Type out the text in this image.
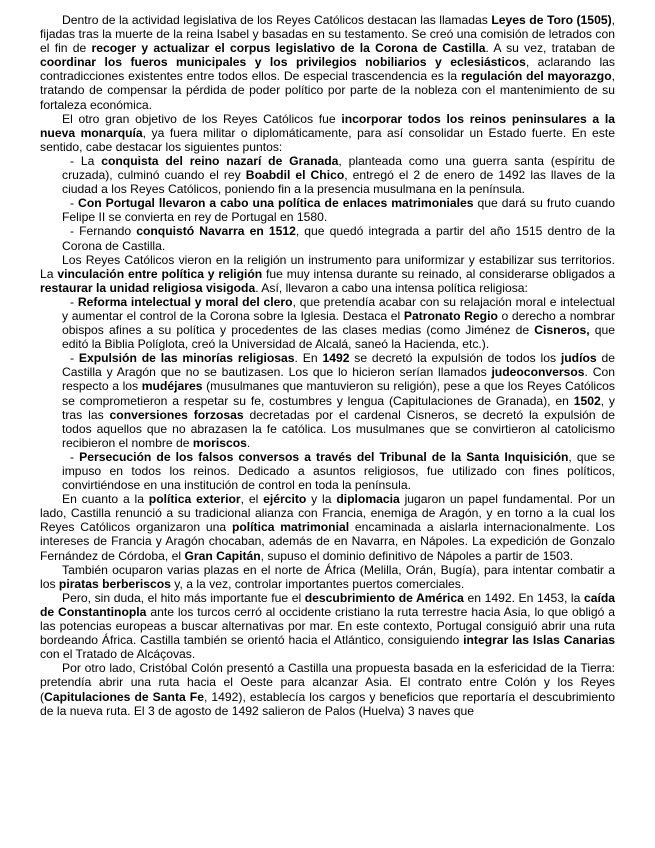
Dentro de la actividad legislativa de los Reyes Católicos destacan las llamadas Leyes de Toro (1505), fijadas tras la muerte de la reina Isabel y basadas en su testamento. Se creó una comisión de letrados con el fin de recoger y actualizar el corpus legislativo de la Corona de Castilla. A su vez, trataban de coordinar los fueros municipales y los privilegios nobiliarios y eclesiásticos, aclarando las contradicciones existentes entre todos ellos. De especial trascendencia es la regulación del mayorazgo, tratando de compensar la pérdida de poder político por parte de la nobleza con el mantenimiento de su fortaleza económica.

El otro gran objetivo de los Reyes Católicos fue incorporar todos los reinos peninsulares a la nueva monarquía, ya fuera militar o diplomáticamente, para así consolidar un Estado fuerte. En este sentido, cabe destacar los siguientes puntos:

- La conquista del reino nazarí de Granada, planteada como una guerra santa (espíritu de cruzada), culminó cuando el rey Boabdil el Chico, entregó el 2 de enero de 1492 las llaves de la ciudad a los Reyes Católicos, poniendo fin a la presencia musulmana en la península.

- Con Portugal llevaron a cabo una política de enlaces matrimoniales que dará su fruto cuando Felipe II se convierta en rey de Portugal en 1580.

- Fernando conquistó Navarra en 1512, que quedó integrada a partir del año 1515 dentro de la Corona de Castilla.

Los Reyes Católicos vieron en la religión un instrumento para uniformizar y estabilizar sus territorios. La vinculación entre política y religión fue muy intensa durante su reinado, al considerarse obligados a restaurar la unidad religiosa visigoda. Así, llevaron a cabo una intensa política religiosa:

- Reforma intelectual y moral del clero, que pretendía acabar con su relajación moral e intelectual y aumentar el control de la Corona sobre la Iglesia. Destaca el Patronato Regio o derecho a nombrar obispos afines a su política y procedentes de las clases medias (como Jiménez de Cisneros, que editó la Biblia Políglota, creó la Universidad de Alcalá, saneó la Hacienda, etc.).

- Expulsión de las minorías religiosas. En 1492 se decretó la expulsión de todos los judíos de Castilla y Aragón que no se bautizasen. Los que lo hicieron serían llamados judeoconversos. Con respecto a los mudéjares (musulmanes que mantuvieron su religión), pese a que los Reyes Católicos se comprometieron a respetar su fe, costumbres y lengua (Capitulaciones de Granada), en 1502, y tras las conversiones forzosas decretadas por el cardenal Cisneros, se decretó la expulsión de todos aquellos que no abrazasen la fe católica. Los musulmanes que se convirtieron al catolicismo recibieron el nombre de moriscos.

- Persecución de los falsos conversos a través del Tribunal de la Santa Inquisición, que se impuso en todos los reinos. Dedicado a asuntos religiosos, fue utilizado con fines políticos, convirtiéndose en una institución de control en toda la península.

En cuanto a la política exterior, el ejército y la diplomacia jugaron un papel fundamental. Por un lado, Castilla renunció a su tradicional alianza con Francia, enemiga de Aragón, y en torno a la cual los Reyes Católicos organizaron una política matrimonial encaminada a aislarla internacionalmente. Los intereses de Francia y Aragón chocaban, además de en Navarra, en Nápoles. La expedición de Gonzalo Fernández de Córdoba, el Gran Capitán, supuso el dominio definitivo de Nápoles a partir de 1503.

También ocuparon varias plazas en el norte de África (Melilla, Orán, Bugía), para intentar combatir a los piratas berberiscos y, a la vez, controlar importantes puertos comerciales.

Pero, sin duda, el hito más importante fue el descubrimiento de América en 1492. En 1453, la caída de Constantinopla ante los turcos cerró al occidente cristiano la ruta terrestre hacia Asia, lo que obligó a las potencias europeas a buscar alternativas por mar. En este contexto, Portugal consiguió abrir una ruta bordeando África. Castilla también se orientó hacia el Atlántico, consiguiendo integrar las Islas Canarias con el Tratado de Alcáçovas.

Por otro lado, Cristóbal Colón presentó a Castilla una propuesta basada en la esfericidad de la Tierra: pretendía abrir una ruta hacia el Oeste para alcanzar Asia. El contrato entre Colón y los Reyes (Capitulaciones de Santa Fe, 1492), establecía los cargos y beneficios que reportaría el descubrimiento de la nueva ruta. El 3 de agosto de 1492 salieron de Palos (Huelva) 3 naves que
